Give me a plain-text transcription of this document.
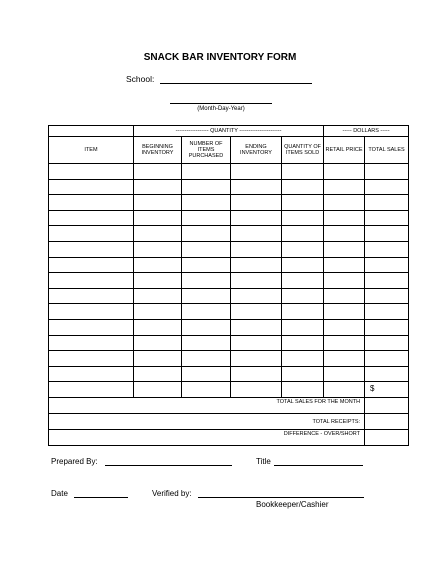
SNACK BAR INVENTORY FORM
School:
(Month-Day-Year)
	------------------ QUANTITY -----------------------				----- DOLLARS -----	
ITEM	BEGINNING INVENTORY	NUMBER OF ITEMS PURCHASED	ENDING INVENTORY	QUANTITY OF ITEMS SOLD	RETAIL PRICE	TOTAL SALES

						$
TOTAL SALES FOR THE MONTH						
TOTAL RECEIPTS:						
DIFFERENCE - OVER/SHORT						
Prepared By:	Title
Date	Verified by:
Bookkeeper/Cashier
